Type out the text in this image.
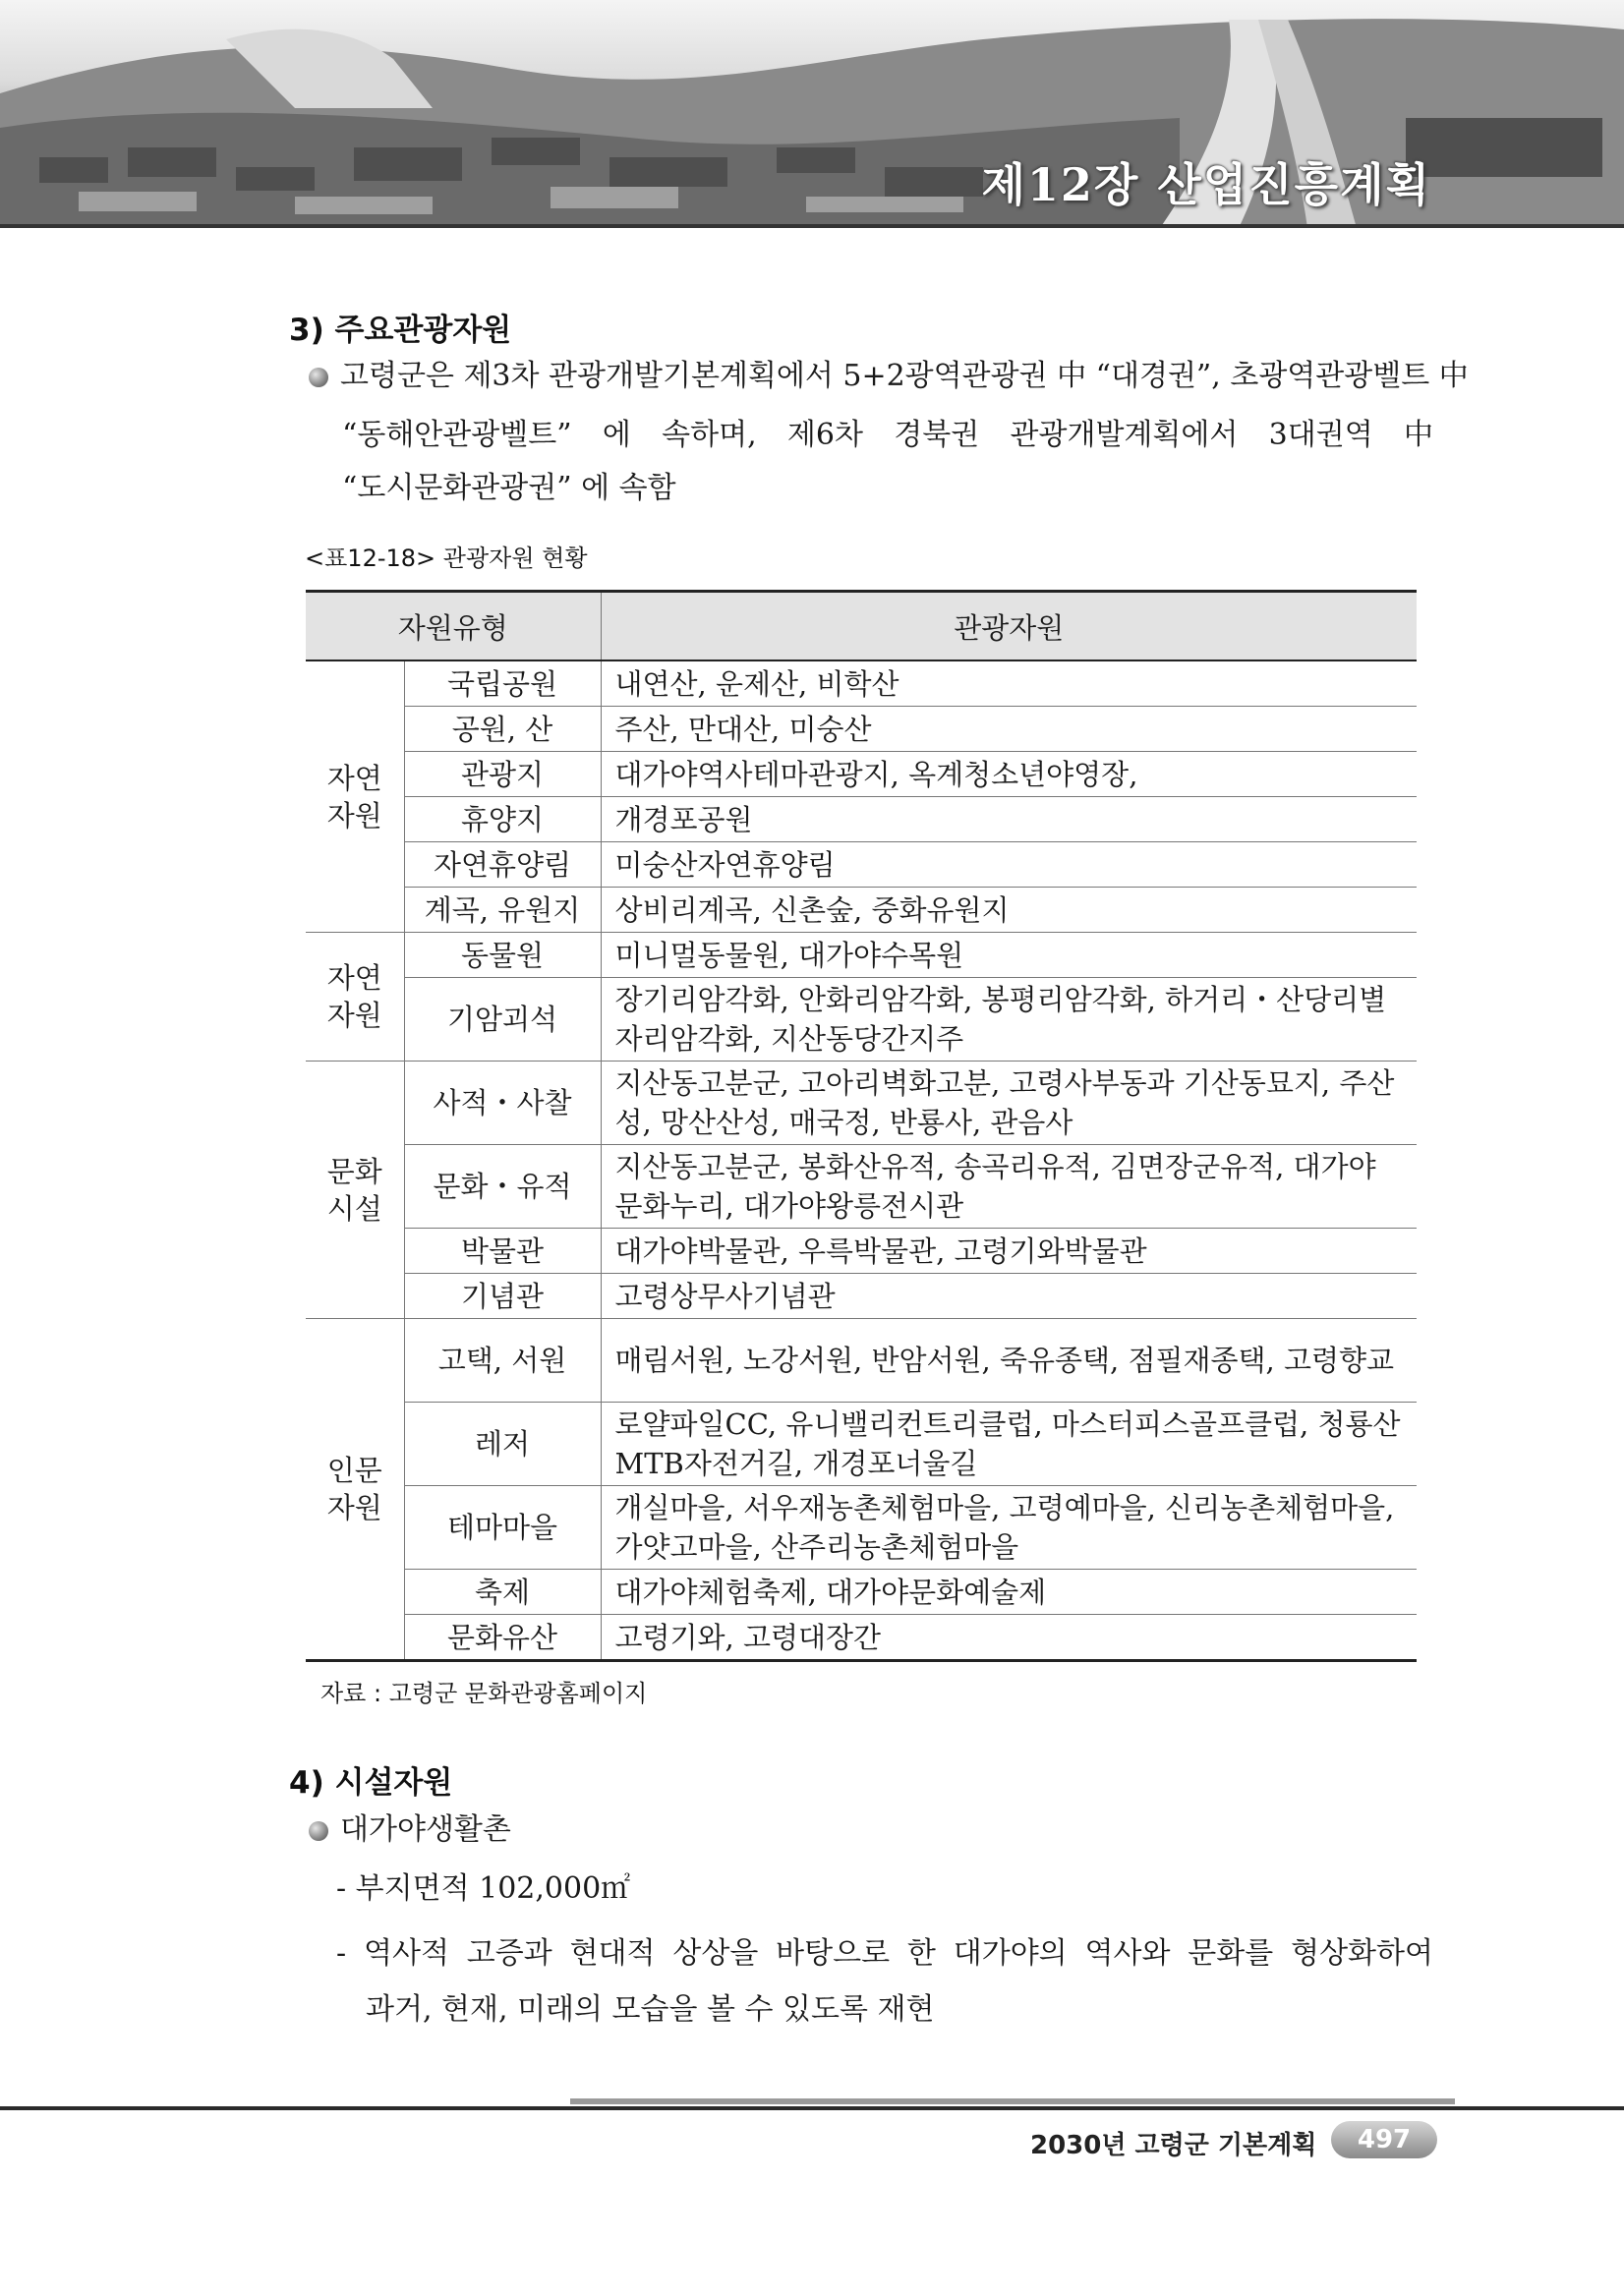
제12장 산업진흥계획
3) 주요관광자원
고령군은 제3차 관광개발기본계획에서 5+2광역관광권 中 “대경권”, 초광역관광벨트 中
“동해안관광벨트” 에 속하며, 제6차 경북권 관광개발계획에서 3대권역 中
“도시문화관광권” 에 속함
<표12-18> 관광자원 현황
자원유형		관광자원
자연
자원	국립공원	내연산, 운제산, 비학산
	공원, 산	주산, 만대산, 미숭산
	관광지	대가야역사테마관광지, 옥계청소년야영장,
	휴양지	개경포공원
	자연휴양림	미숭산자연휴양림
	계곡, 유원지	상비리계곡, 신촌숲, 중화유원지
자연
자원	동물원	미니멀동물원, 대가야수목원
	기암괴석	장기리암각화, 안화리암각화, 봉평리암각화, 하거리・산당리별자리암각화, 지산동당간지주
문화
시설	사적・사찰	지산동고분군, 고아리벽화고분, 고령사부동과 기산동묘지, 주산성, 망산산성, 매국정, 반룡사, 관음사
	문화・유적	지산동고분군, 봉화산유적, 송곡리유적, 김면장군유적, 대가야문화누리, 대가야왕릉전시관
	박물관	대가야박물관, 우륵박물관, 고령기와박물관
	기념관	고령상무사기념관
인문
자원	고택, 서원	매림서원, 노강서원, 반암서원, 죽유종택, 점필재종택, 고령향교
	레저	로얄파일CC, 유니밸리컨트리클럽, 마스터피스골프클럽, 청룡산MTB자전거길, 개경포너울길
	테마마을	개실마을, 서우재농촌체험마을, 고령예마을, 신리농촌체험마을, 가얏고마을, 산주리농촌체험마을
	축제	대가야체험축제, 대가야문화예술제
	문화유산	고령기와, 고령대장간
자료 : 고령군 문화관광홈페이지
4) 시설자원
대가야생활촌
- 부지면적 102,000㎡
- 역사적 고증과 현대적 상상을 바탕으로 한 대가야의 역사와 문화를 형상화하여
과거, 현재, 미래의 모습을 볼 수 있도록 재현
2030년 고령군 기본계획	497
